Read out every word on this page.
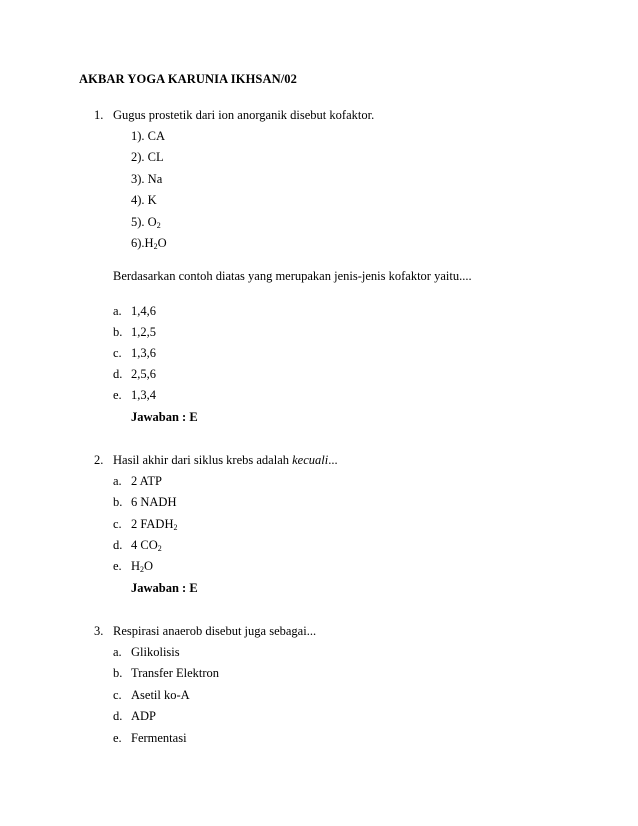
AKBAR YOGA KARUNIA IKHSAN/02
1. Gugus prostetik dari ion anorganik disebut kofaktor.
1). CA
2). CL
3). Na
4). K
5). $O_2$
$6).H_2O$
Berdasarkan contoh diatas yang merupakan jenis-jenis kofaktor yaitu....
a. 1,4,6
b. 1,2,5
c. 1,3,6
d. 2,5,6
e. 1,3,4
Jawaban : E
2. Hasil akhir dari siklus krebs adalah kecuali...
a. 2 ATP
b. 6 NADH
c. 2 $FADH_2$
d. 4 $CO_2$
e. $H_2O$
Jawaban : E
3. Respirasi anaerob disebut juga sebagai...
a. Glikolisis
b. Transfer Elektron
c. Asetil ko-A
d. ADP
e. Fermentasi
